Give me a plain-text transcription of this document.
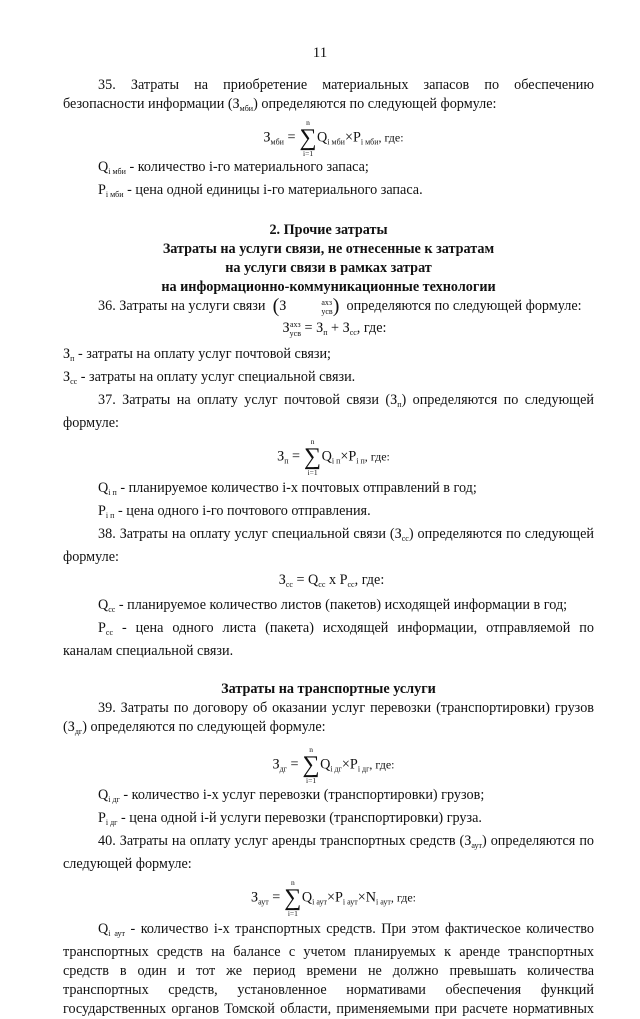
11

35. Затраты на приобретение материальных запасов по обеспечению

безопасности информации $(З_{мби})$ определяются по следующей формуле:

$З_{мби}$ =
n
∑
i=1
$Q_{i мби}\times P_{i мби}$, где:

$Q_{i мби}$ - количество i-го материального запаса;

$P_{i мби}$ - цена одной единицы i-го материального запаса.

2. Прочие затраты

Затраты на услуги связи, не отнесенные к затратам

на услуги связи в рамках затрат

на информационно-коммуникационные технологии

36. Затраты на услуги связи (З	ахз
усв ) определяются по следующей формуле:

З ахз
усв = $З_п + З_{сс}$, где:

$З_п$ - затраты на оплату услуг почтовой связи;

$З_{сс}$ - затраты на оплату услуг специальной связи.

37. Затраты на оплату услуг почтовой связи $(З_п)$ определяются по следующей

формуле:

$З_п$ =
n
∑
i=1
$Q_{i п}\times P_{i п}$, где:

$Q_{i п}$ - планируемое количество i-х почтовых отправлений в год;

$P_{i п}$ - цена одного i-го почтового отправления.

38. Затраты на оплату услуг специальной связи $(З_{сс})$ определяются по следующей

формуле:

$З_{сс} = Q_{сс}$ x $P_{сс}$, где:

$Q_{сс}$ - планируемое количество листов (пакетов) исходящей информации в год;

$P_{сс}$ - цена одного листа (пакета) исходящей информации, отправляемой по

каналам специальной связи.

Затраты на транспортные услуги

39. Затраты по договору об оказании услуг перевозки (транспортировки) грузов

$(З_{дг})$ определяются по следующей формуле:

$З_{дг}$ =
n
∑
i=1
$Q_{i дг}\times P_{i дг}$, где:

$Q_{i дг}$ - количество i-х услуг перевозки (транспортировки) грузов;

$P_{i дг}$ - цена одной i-й услуги перевозки (транспортировки) груза.

40. Затраты на оплату услуг аренды транспортных средств $(З_{аут})$ определяются по

следующей формуле:

$З_{аут}$ =
n
∑
i=1
$Q_{i аут}\times P_{i аут}\times N_{i аут}$, где:

$Q_{i аут}$ - количество i-х транспортных средств. При этом фактическое количество

транспортных средств на балансе с учетом планируемых к аренде транспортных

средств в один и тот же период времени не должно превышать количества

транспортных средств, установленное нормативами обеспечения функций

государственных органов Томской области, применяемыми при расчете нормативных
